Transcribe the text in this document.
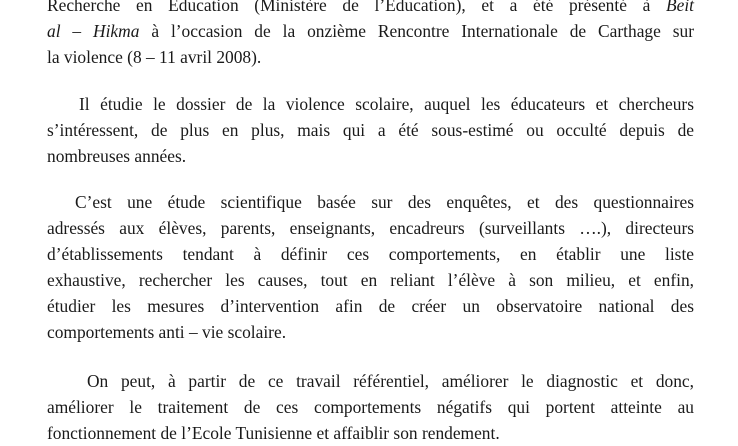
Recherche en Education (Ministère de l’Education), et a été présenté à Beit
al – Hikma à l’occasion de la onzième Rencontre Internationale de Carthage sur
la violence (8 – 11 avril 2008).
Il étudie le dossier de la violence scolaire, auquel les éducateurs et chercheurs
s’intéressent, de plus en plus, mais qui a été sous-estimé ou occulté depuis de
nombreuses années.
C’est une étude scientifique basée sur des enquêtes, et des questionnaires
adressés aux élèves, parents, enseignants, encadreurs (surveillants ….), directeurs
d’établissements tendant à définir ces comportements, en établir une liste
exhaustive, rechercher les causes, tout en reliant l’élève à son milieu, et enfin,
étudier les mesures d’intervention afin de créer un observatoire national des
comportements anti – vie scolaire.
On peut, à partir de ce travail référentiel, améliorer le diagnostic et donc,
améliorer le traitement de ces comportements négatifs qui portent atteinte au
fonctionnement de l’Ecole Tunisienne et affaiblir son rendement.
